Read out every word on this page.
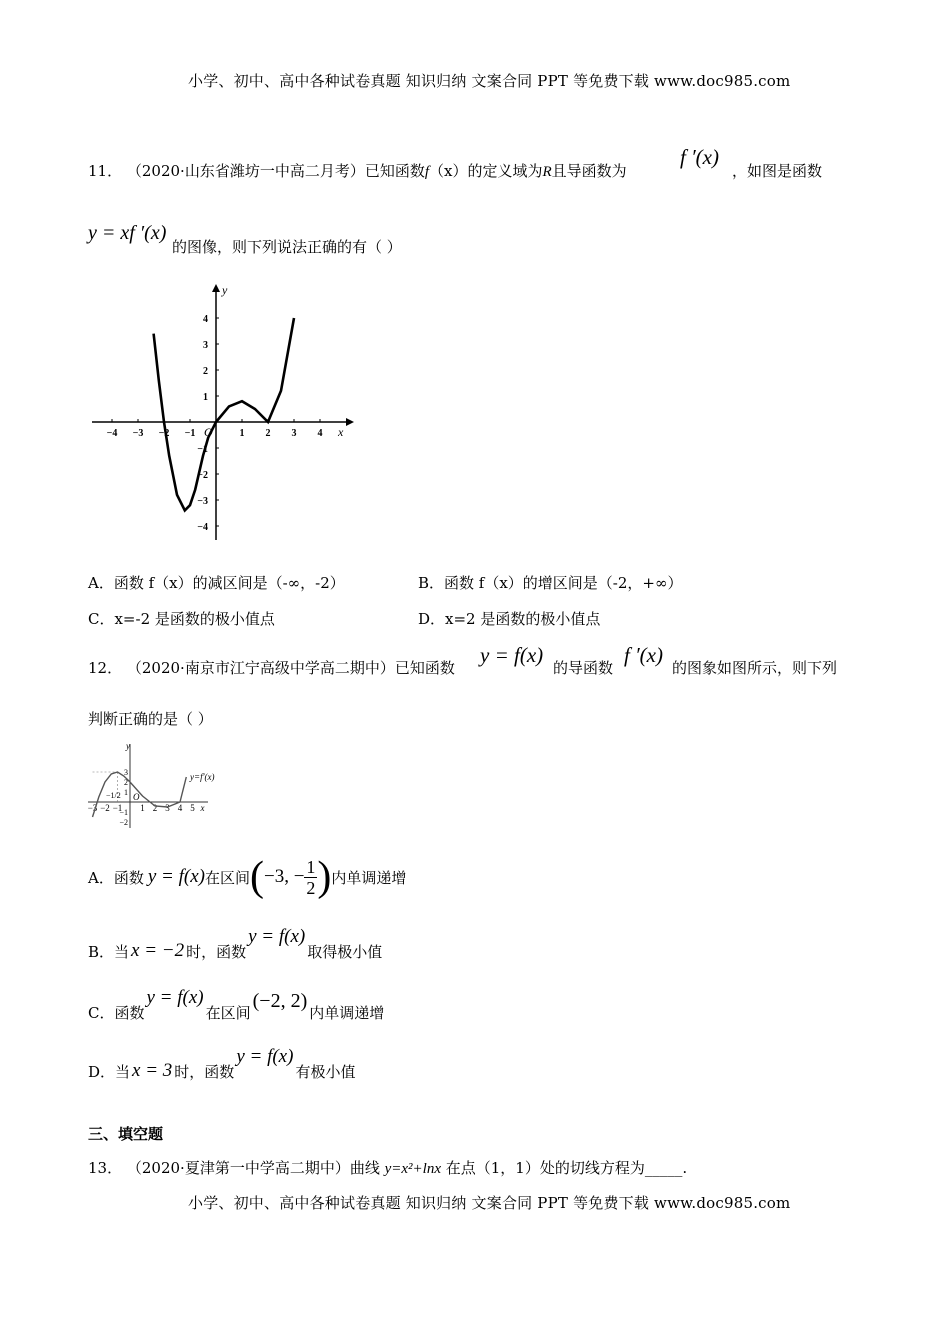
小学、初中、高中各种试卷真题 知识归纳 文案合同 PPT 等免费下载 www.doc985.com
11． （2020·山东省潍坊一中高二月考）已知函数f（x）的定义域为R且导函数为
f ′(x)
，如图是函数
y = xf ′(x)
的图像，则下列说法正确的有（ ）
−4 −3 −2 −1	1 2 3 4
−4
−3
−2
−1
1
2
3
4
x
y
O
A．函数 f（x）的减区间是（-∞，-2）	B．函数 f（x）的增区间是（-2，+∞）
C．x=-2 是函数的极小值点	D．x=2 是函数的极小值点
12． （2020·南京市江宁高级中学高二期中）已知函数
y = f(x)
的导函数
f ′(x)
的图象如图所示，则下列
判断正确的是（ ）
−3 −2 −1 1 2 3 4 5
3
2
1
−1
−2
x
y
O
y=f′(x)
−1/2
A．函数 y = f(x) 在区间 ( −3, − $\frac{1}{2}$ ) 内单调递增
B．当 x = −2 时，函数
y = f(x)
取得极小值
C．函数
y = f(x)
在区间
(−2, 2)
内单调递增
D．当 x = 3 时，函数
y = f(x)
有极小值
三、填空题
13． （2020·夏津第一中学高二期中）曲线 y=x²+lnx 在点（1，1）处的切线方程为_____.
小学、初中、高中各种试卷真题 知识归纳 文案合同 PPT 等免费下载 www.doc985.com
